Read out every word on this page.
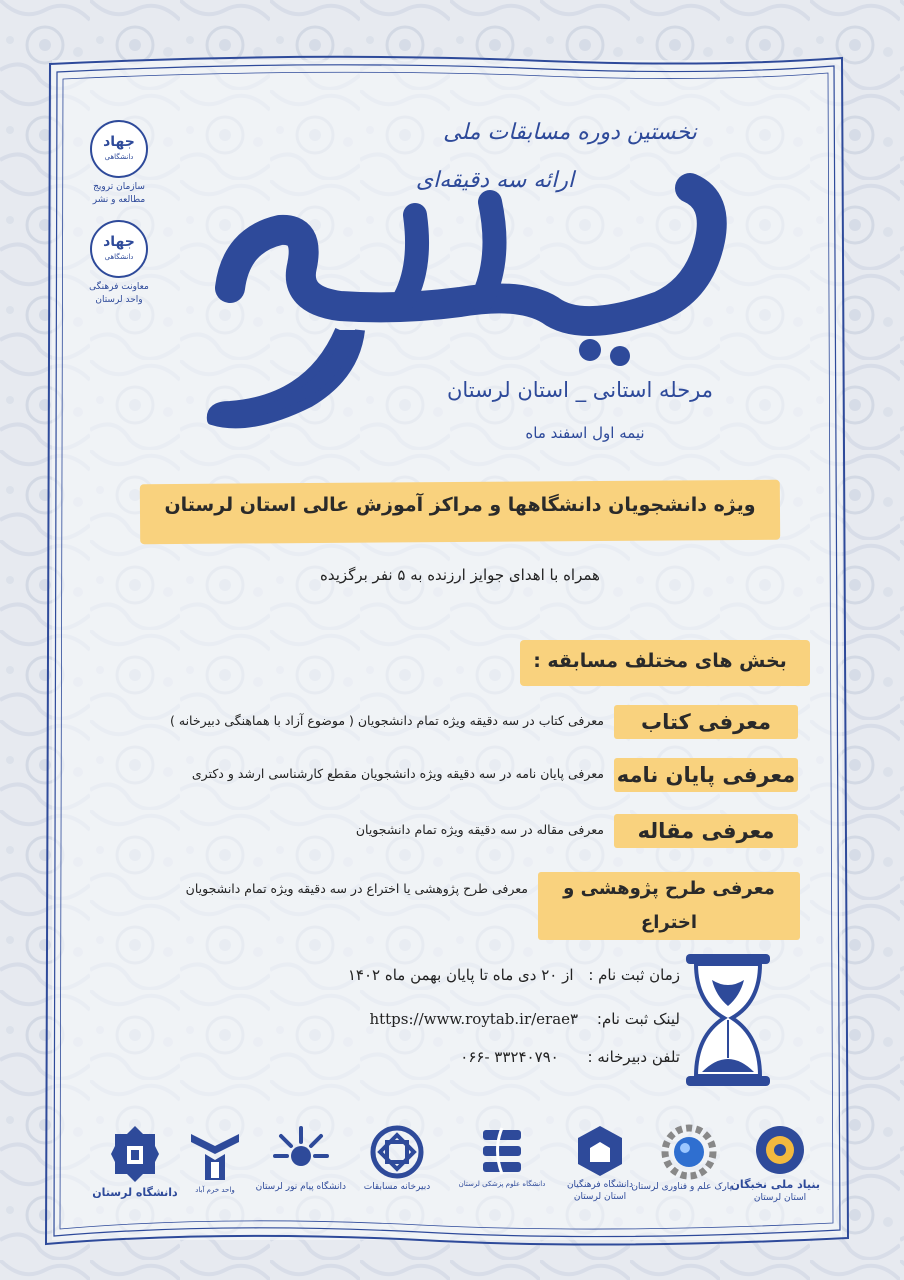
جهاد
دانشگاهی
سازمان ترویج
مطالعه و نشر
جهاد
دانشگاهی
معاونت فرهنگی
واحد لرستان
نخستین دوره مسابقات ملی
ارائه سه دقیقه‌ای
مرحله استانی _ استان لرستان
نیمه اول اسفند ماه
ویژه دانشجویان دانشگاهها و مراکز آموزش عالی استان لرستان
همراه با اهدای جوایز ارزنده به ۵ نفر برگزیده
بخش های مختلف مسابقه :
معرفی کتاب
معرفی کتاب در سه دقیقه ویژه تمام دانشجویان ( موضوع آزاد با هماهنگی دبیرخانه )
معرفی پایان نامه
معرفی پایان نامه در سه دقیقه ویژه دانشجویان مقطع کارشناسی ارشد و دکتری
معرفی مقاله
معرفی مقاله در سه دقیقه ویژه تمام دانشجویان
معرفی طرح پژوهشی و اختراع
معرفی طرح پژوهشی یا اختراع در سه دقیقه ویژه تمام دانشجویان
زمان ثبت نام : از ۲۰ دی ماه تا پایان بهمن ماه ۱۴۰۲
لینک ثبت نام: https://www.roytab.ir/erae۳
تلفن دبیرخانه : ۰۶۶- ۳۳۲۴۰۷۹۰
بنیاد ملی نخبگان
استان لرستان
پارک علم و فناوری لرستان
دانشگاه فرهنگیان
استان لرستان
دانشگاه علوم پزشکی لرستان
دبیرخانه مسابقات
دانشگاه پیام نور لرستان
واحد خرم آباد
دانشگاه لرستان
